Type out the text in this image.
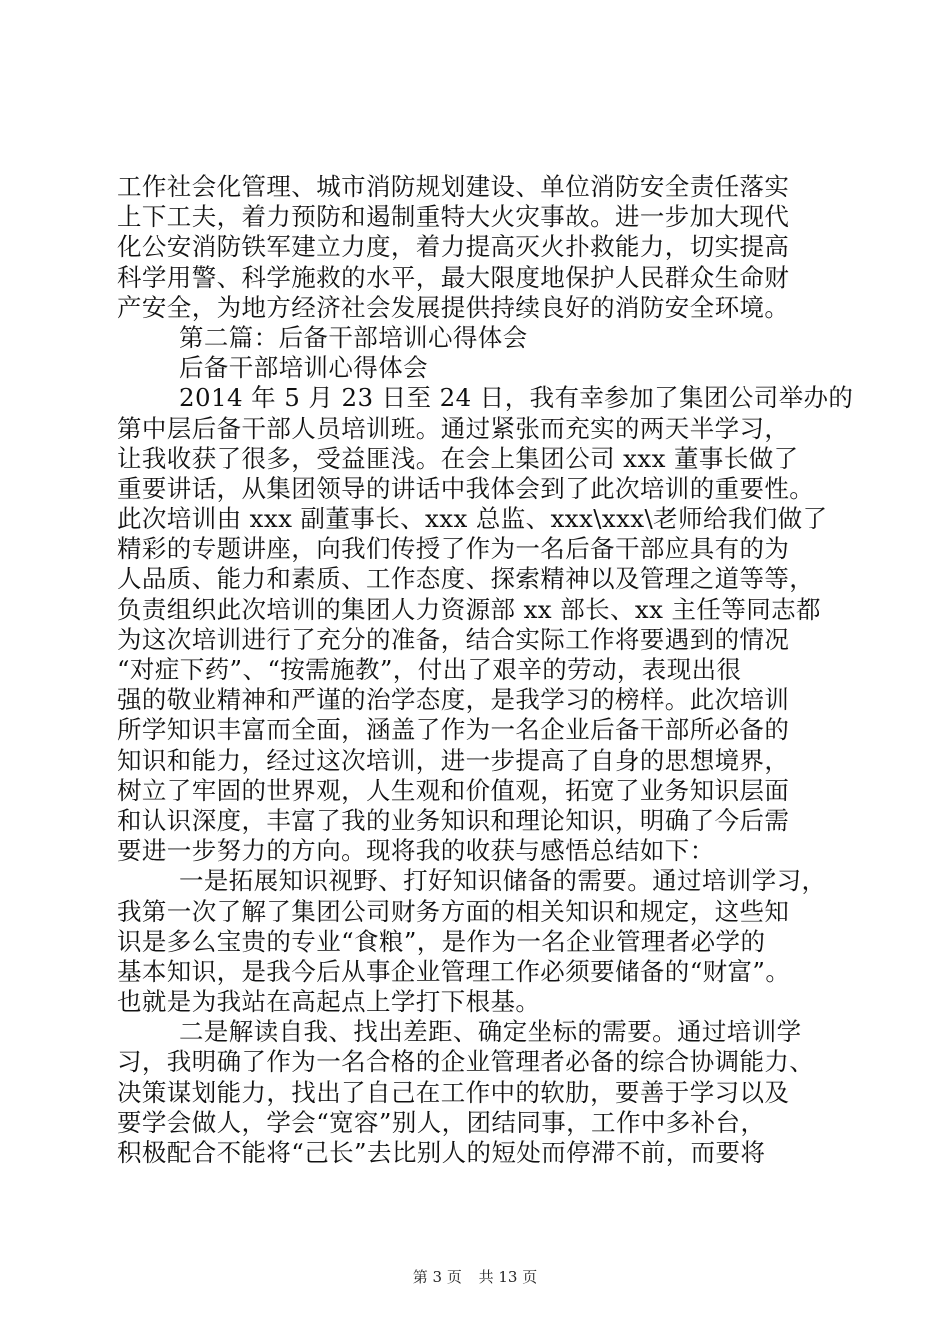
工作社会化管理、城市消防规划建设、单位消防安全责任落实
上下工夫，着力预防和遏制重特大火灾事故。进一步加大现代
化公安消防铁军建立力度，着力提高灭火扑救能力，切实提高
科学用警、科学施救的水平，最大限度地保护人民群众生命财
产安全，为地方经济社会发展提供持续良好的消防安全环境。
第二篇：后备干部培训心得体会
后备干部培训心得体会
2014 年 5 月 23 日至 24 日，我有幸参加了集团公司举办的
第中层后备干部人员培训班。通过紧张而充实的两天半学习，
让我收获了很多，受益匪浅。在会上集团公司 xxx 董事长做了
重要讲话，从集团领导的讲话中我体会到了此次培训的重要性。
此次培训由 xxx 副董事长、xxx 总监、xxx\xxx\老师给我们做了
精彩的专题讲座，向我们传授了作为一名后备干部应具有的为
人品质、能力和素质、工作态度、探索精神以及管理之道等等，
负责组织此次培训的集团人力资源部 xx 部长、xx 主任等同志都
为这次培训进行了充分的准备，结合实际工作将要遇到的情况
“对症下药”、“按需施教”，付出了艰辛的劳动，表现出很
强的敬业精神和严谨的治学态度，是我学习的榜样。此次培训
所学知识丰富而全面，涵盖了作为一名企业后备干部所必备的
知识和能力，经过这次培训，进一步提高了自身的思想境界，
树立了牢固的世界观，人生观和价值观，拓宽了业务知识层面
和认识深度，丰富了我的业务知识和理论知识，明确了今后需
要进一步努力的方向。现将我的收获与感悟总结如下：
一是拓展知识视野、打好知识储备的需要。通过培训学习，
我第一次了解了集团公司财务方面的相关知识和规定，这些知
识是多么宝贵的专业“食粮”，是作为一名企业管理者必学的
基本知识，是我今后从事企业管理工作必须要储备的“财富”。
也就是为我站在高起点上学打下根基。
二是解读自我、找出差距、确定坐标的需要。通过培训学
习，我明确了作为一名合格的企业管理者必备的综合协调能力、
决策谋划能力，找出了自己在工作中的软肋，要善于学习以及
要学会做人，学会“宽容”别人，团结同事，工作中多补台，
积极配合不能将“己长”去比别人的短处而停滞不前，而要将
第 3 页 共 13 页
